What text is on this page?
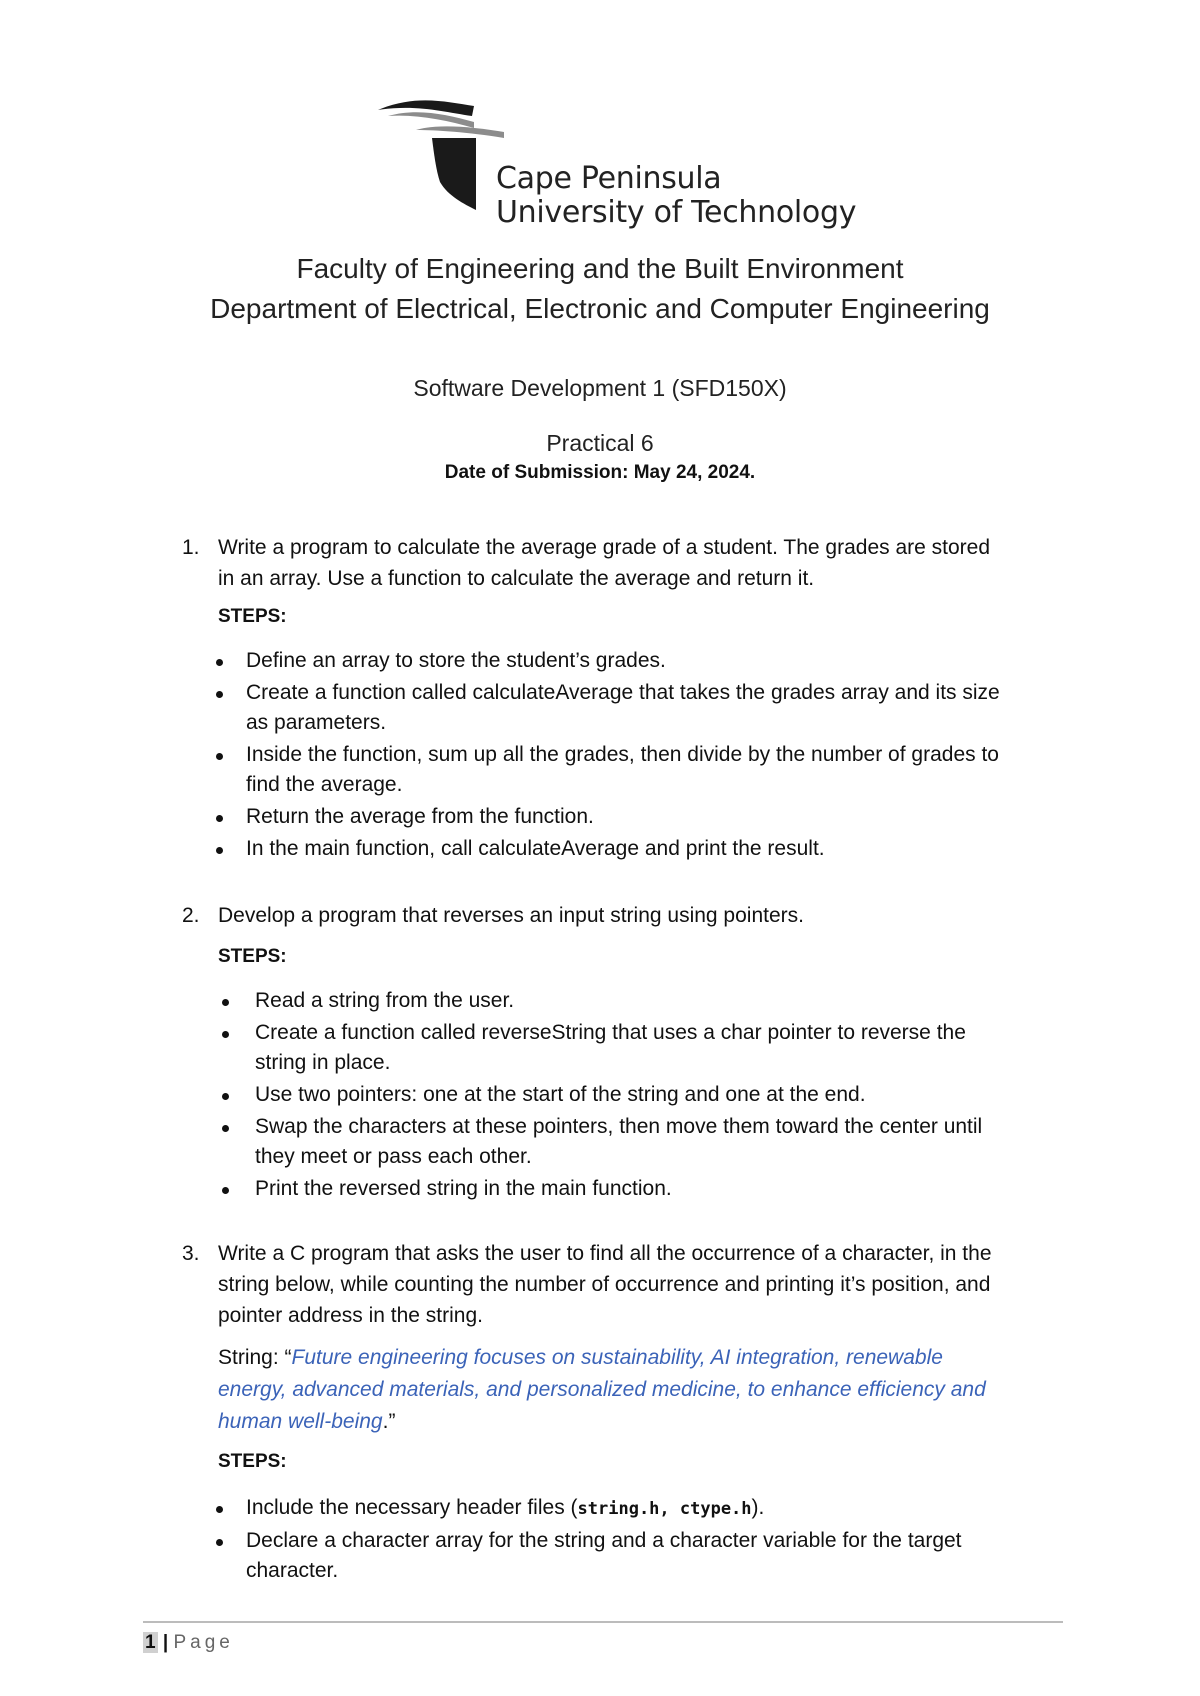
Cape Peninsula
University of Technology
Faculty of Engineering and the Built Environment
Department of Electrical, Electronic and Computer Engineering
Software Development 1 (SFD150X)
Practical 6
Date of Submission: May 24, 2024.
1. Write a program to calculate the average grade of a student. The grades are stored
in an array. Use a function to calculate the average and return it.
STEPS:
Define an array to store the student’s grades.
Create a function called calculateAverage that takes the grades array and its size
as parameters.
Inside the function, sum up all the grades, then divide by the number of grades to
find the average.
Return the average from the function.
In the main function, call calculateAverage and print the result.
2. Develop a program that reverses an input string using pointers.
STEPS:
Read a string from the user.
Create a function called reverseString that uses a char pointer to reverse the
string in place.
Use two pointers: one at the start of the string and one at the end.
Swap the characters at these pointers, then move them toward the center until
they meet or pass each other.
Print the reversed string in the main function.
3. Write a C program that asks the user to find all the occurrence of a character, in the
string below, while counting the number of occurrence and printing it’s position, and
pointer address in the string.
String: “Future engineering focuses on sustainability, AI integration, renewable
energy, advanced materials, and personalized medicine, to enhance efficiency and
human well-being.”
STEPS:
Include the necessary header files (string.h, ctype.h).
Declare a character array for the string and a character variable for the target
character.
1 | Page
